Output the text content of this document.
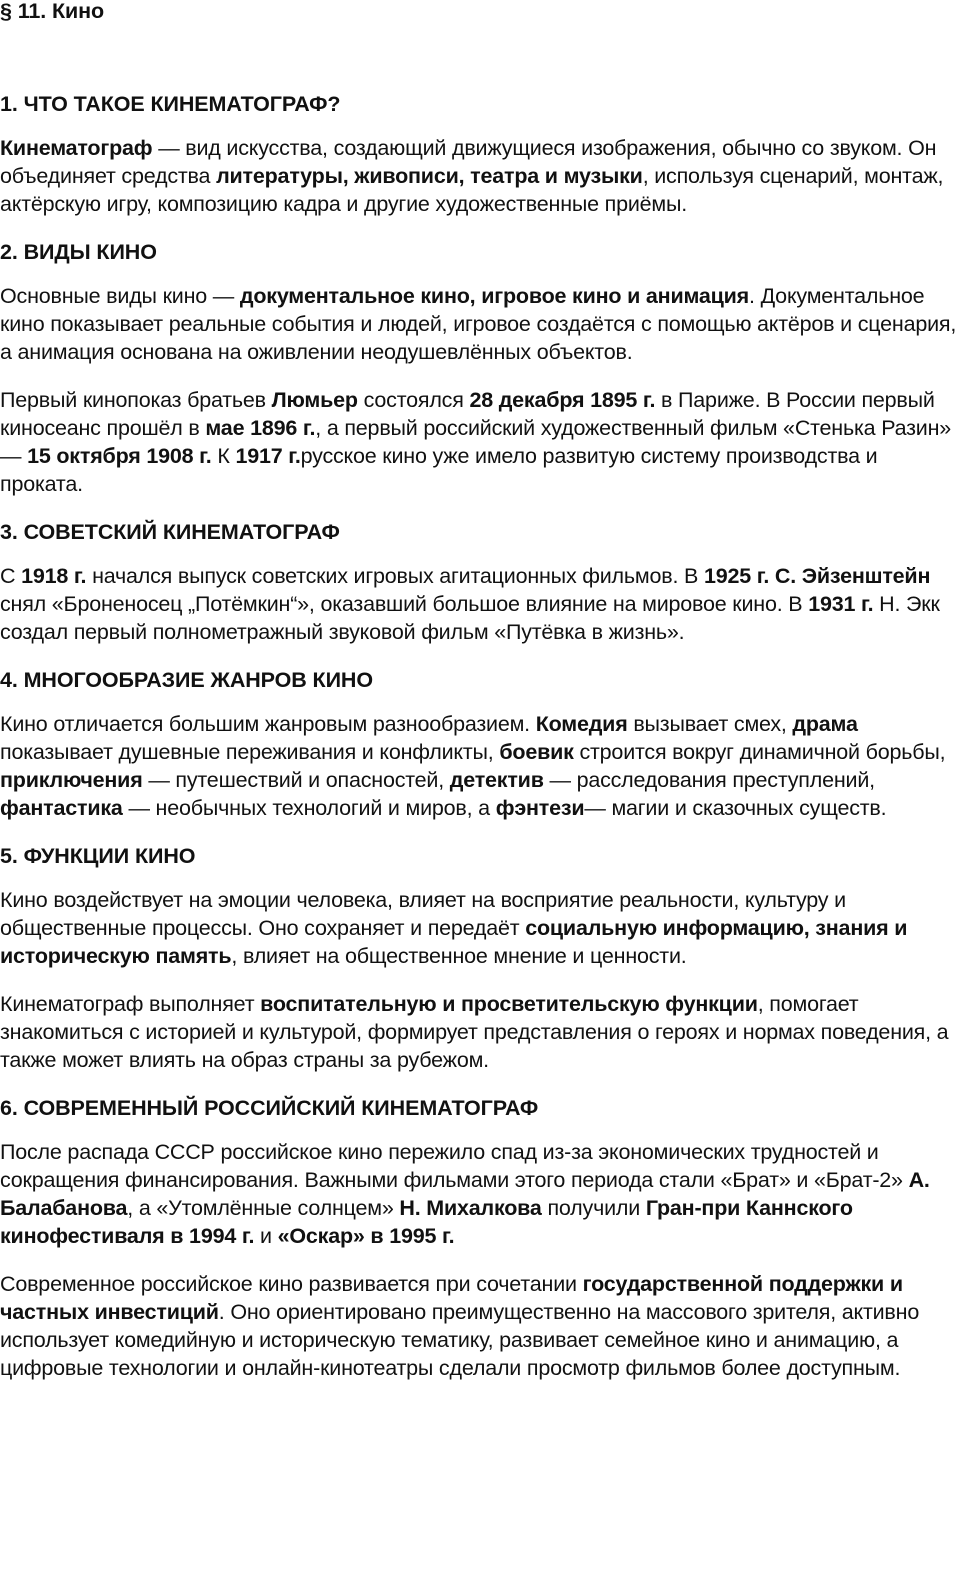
§ 11. Кино
1. ЧТО ТАКОЕ КИНЕМАТОГРАФ?

Кинематограф — вид искусства, создающий движущиеся изображения, обычно со звуком. Он объединяет средства литературы, живописи, театра и музыки, используя сценарий, монтаж, актёрскую игру, композицию кадра и другие художественные приёмы.

2. ВИДЫ КИНО

Основные виды кино — документальное кино, игровое кино и анимация. Документальное кино показывает реальные события и людей, игровое создаётся с помощью актёров и сценария, а анимация основана на оживлении неодушевлённых объектов.

Первый кинопоказ братьев Люмьер состоялся 28 декабря 1895 г. в Париже. В России первый киносеанс прошёл в мае 1896 г., а первый российский художественный фильм «Стенька Разин» — 15 октября 1908 г. К 1917 г.русское кино уже имело развитую систему производства и проката.

3. СОВЕТСКИЙ КИНЕМАТОГРАФ

С 1918 г. начался выпуск советских игровых агитационных фильмов. В 1925 г. С. Эйзенштейн снял «Броненосец „Потёмкин“», оказавший большое влияние на мировое кино. В 1931 г. Н. Экк создал первый полнометражный звуковой фильм «Путёвка в жизнь».

4. МНОГООБРАЗИЕ ЖАНРОВ КИНО

Кино отличается большим жанровым разнообразием. Комедия вызывает смех, драма показывает душевные переживания и конфликты, боевик строится вокруг динамичной борьбы, приключения — путешествий и опасностей, детектив — расследования преступлений, фантастика — необычных технологий и миров, а фэнтези— магии и сказочных существ.

5. ФУНКЦИИ КИНО

Кино воздействует на эмоции человека, влияет на восприятие реальности, культуру и общественные процессы. Оно сохраняет и передаёт социальную информацию, знания и историческую память, влияет на общественное мнение и ценности.

Кинематограф выполняет воспитательную и просветительскую функции, помогает знакомиться с историей и культурой, формирует представления о героях и нормах поведения, а также может влиять на образ страны за рубежом.

6. СОВРЕМЕННЫЙ РОССИЙСКИЙ КИНЕМАТОГРАФ

После распада СССР российское кино пережило спад из-за экономических трудностей и сокращения финансирования. Важными фильмами этого периода стали «Брат» и «Брат-2» А. Балабанова, а «Утомлённые солнцем» Н. Михалкова получили Гран-при Каннского кинофестиваля в 1994 г. и «Оскар» в 1995 г.

Современное российское кино развивается при сочетании государственной поддержки и частных инвестиций. Оно ориентировано преимущественно на массового зрителя, активно использует комедийную и историческую тематику, развивает семейное кино и анимацию, а цифровые технологии и онлайн-кинотеатры сделали просмотр фильмов более доступным.
